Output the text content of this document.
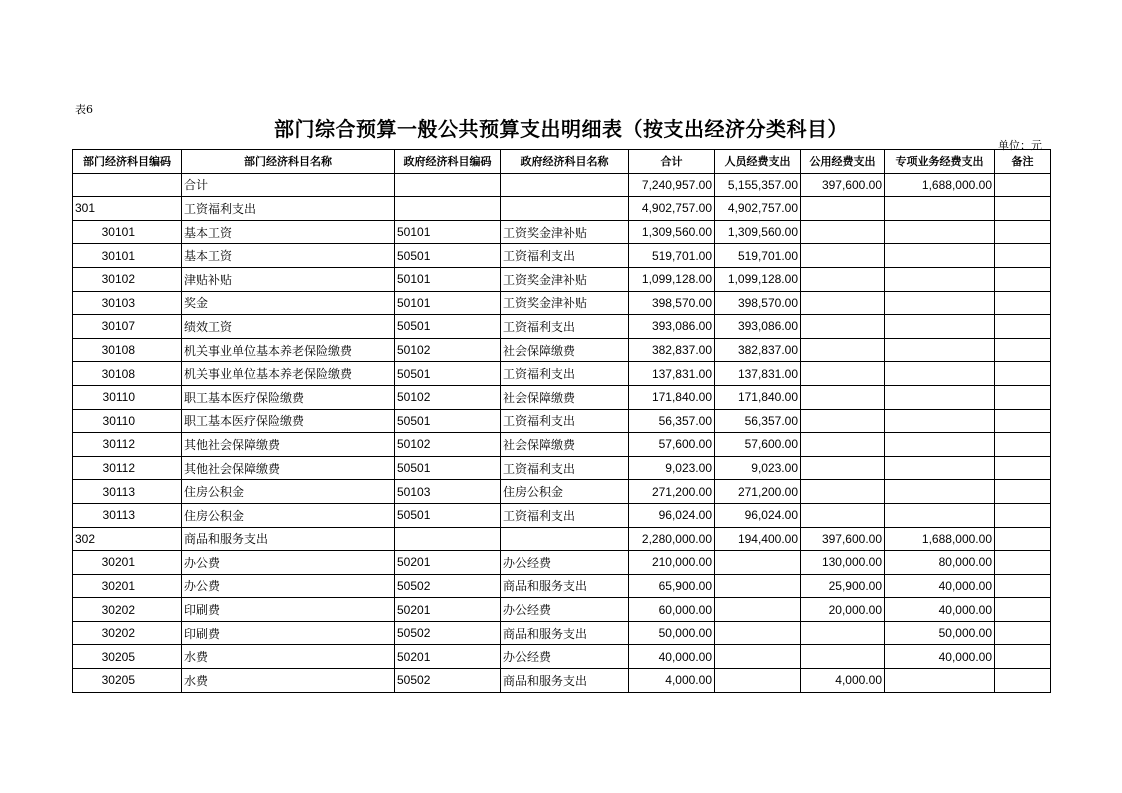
表6
部门综合预算一般公共预算支出明细表（按支出经济分类科目）
单位：元
部门经济科目编码	部门经济科目名称	政府经济科目编码	政府经济科目名称	合计	人员经费支出	公用经费支出	专项业务经费支出	备注
	合计			7,240,957.00	5,155,357.00	397,600.00	1,688,000.00	
301	工资福利支出			4,902,757.00	4,902,757.00			
30101	基本工资	50101	工资奖金津补贴	1,309,560.00	1,309,560.00			
30101	基本工资	50501	工资福利支出	519,701.00	519,701.00			
30102	津贴补贴	50101	工资奖金津补贴	1,099,128.00	1,099,128.00			
30103	奖金	50101	工资奖金津补贴	398,570.00	398,570.00			
30107	绩效工资	50501	工资福利支出	393,086.00	393,086.00			
30108	机关事业单位基本养老保险缴费	50102	社会保障缴费	382,837.00	382,837.00			
30108	机关事业单位基本养老保险缴费	50501	工资福利支出	137,831.00	137,831.00			
30110	职工基本医疗保险缴费	50102	社会保障缴费	171,840.00	171,840.00			
30110	职工基本医疗保险缴费	50501	工资福利支出	56,357.00	56,357.00			
30112	其他社会保障缴费	50102	社会保障缴费	57,600.00	57,600.00			
30112	其他社会保障缴费	50501	工资福利支出	9,023.00	9,023.00			
30113	住房公积金	50103	住房公积金	271,200.00	271,200.00			
30113	住房公积金	50501	工资福利支出	96,024.00	96,024.00			
302	商品和服务支出			2,280,000.00	194,400.00	397,600.00	1,688,000.00	
30201	办公费	50201	办公经费	210,000.00		130,000.00	80,000.00	
30201	办公费	50502	商品和服务支出	65,900.00		25,900.00	40,000.00	
30202	印刷费	50201	办公经费	60,000.00		20,000.00	40,000.00	
30202	印刷费	50502	商品和服务支出	50,000.00			50,000.00	
30205	水费	50201	办公经费	40,000.00			40,000.00	
30205	水费	50502	商品和服务支出	4,000.00		4,000.00		
